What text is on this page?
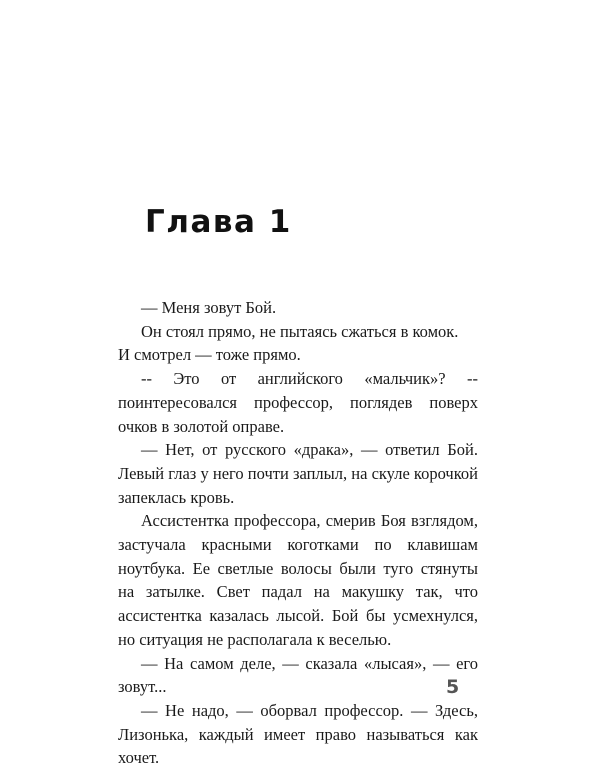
Глава 1

— Меня зовут Бой.

Он стоял прямо, не пытаясь сжаться в комок.

И смотрел — тоже прямо.

-- Это от английского «мальчик»? -- поинтересовался профессор, поглядев поверх очков в золотой оправе.

— Нет, от русского «драка», — ответил Бой. Левый глаз у него почти заплыл, на скуле корочкой запеклась кровь.

Ассистентка профессора, смерив Боя взглядом, застучала красными коготками по клавишам ноутбука. Ее светлые волосы были туго стянуты на затылке. Свет падал на макушку так, что ассистентка казалась лысой. Бой бы усмехнулся, но ситуация не располагала к веселью.

— На самом деле, — сказала «лысая», — его зовут...

— Не надо, — оборвал профессор. — Здесь, Лизонька, каждый имеет право называться как хочет.

5
